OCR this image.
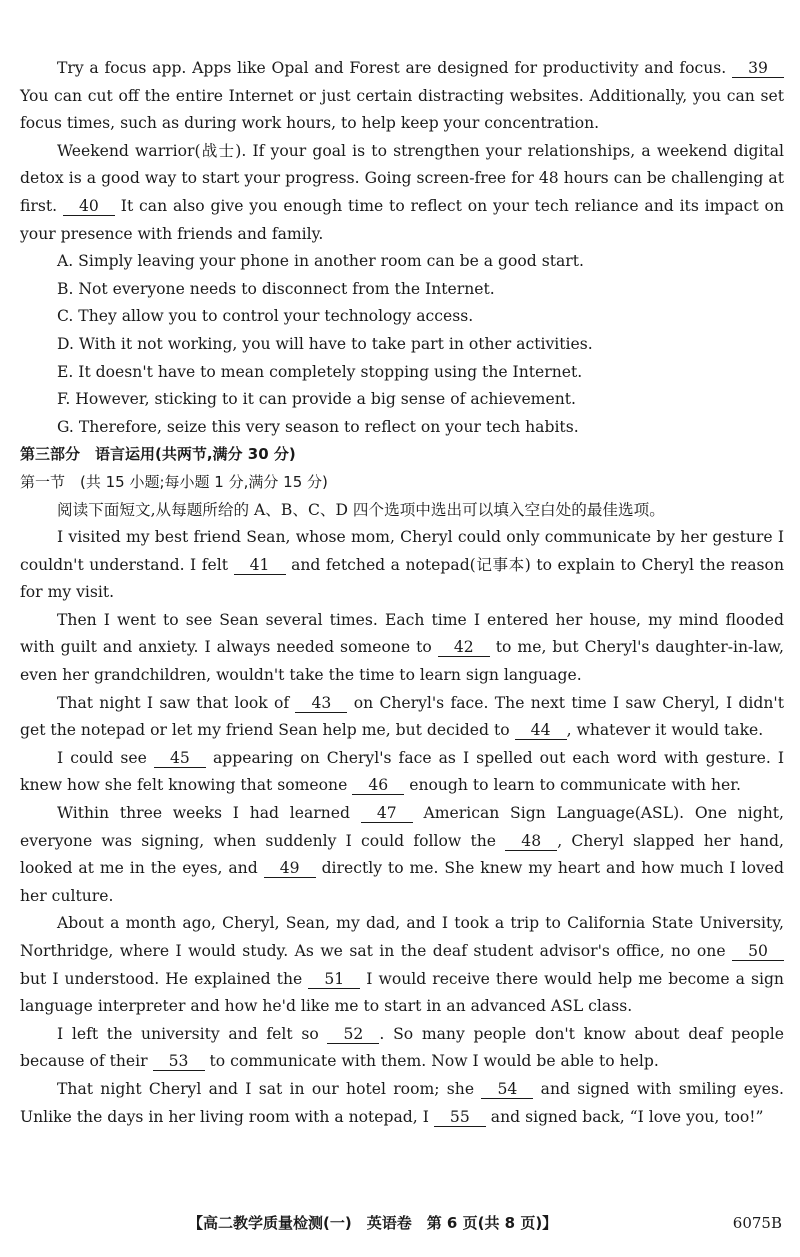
Try a focus app. Apps like Opal and Forest are designed for productivity and focus. 39 You can cut off the entire Internet or just certain distracting websites. Additionally, you can set focus times, such as during work hours, to help keep your concentration.

Weekend warrior(战士). If your goal is to strengthen your relationships, a weekend digital detox is a good way to start your progress. Going screen-free for 48 hours can be challenging at first. 40 It can also give you enough time to reflect on your tech reliance and its impact on your presence with friends and family.

A. Simply leaving your phone in another room can be a good start.

B. Not everyone needs to disconnect from the Internet.

C. They allow you to control your technology access.

D. With it not working, you will have to take part in other activities.

E. It doesn't have to mean completely stopping using the Internet.

F. However, sticking to it can provide a big sense of achievement.

G. Therefore, seize this very season to reflect on your tech habits.

第三部分　语言运用(共两节,满分 30 分)

第一节　(共 15 小题;每小题 1 分,满分 15 分)

阅读下面短文,从每题所给的 A、B、C、D 四个选项中选出可以填入空白处的最佳选项。

I visited my best friend Sean, whose mom, Cheryl could only communicate by her gesture I couldn't understand. I felt 41 and fetched a notepad(记事本) to explain to Cheryl the reason for my visit.

Then I went to see Sean several times. Each time I entered her house, my mind flooded with guilt and anxiety. I always needed someone to 42 to me, but Cheryl's daughter-in-law, even her grandchildren, wouldn't take the time to learn sign language.

That night I saw that look of 43 on Cheryl's face. The next time I saw Cheryl, I didn't get the notepad or let my friend Sean help me, but decided to 44 , whatever it would take.

I could see 45 appearing on Cheryl's face as I spelled out each word with gesture. I knew how she felt knowing that someone 46 enough to learn to communicate with her.

Within three weeks I had learned 47 American Sign Language(ASL). One night, everyone was signing, when suddenly I could follow the 48 , Cheryl slapped her hand, looked at me in the eyes, and 49 directly to me. She knew my heart and how much I loved her culture.

About a month ago, Cheryl, Sean, my dad, and I took a trip to California State University, Northridge, where I would study. As we sat in the deaf student advisor's office, no one 50 but I understood. He explained the 51 I would receive there would help me become a sign language interpreter and how he'd like me to start in an advanced ASL class.

I left the university and felt so 52 . So many people don't know about deaf people because of their 53 to communicate with them. Now I would be able to help.

That night Cheryl and I sat in our hotel room; she 54 and signed with smiling eyes. Unlike the days in her living room with a notepad, I 55 and signed back, “I love you, too!”

【高二教学质量检测(一)　英语卷　第 6 页(共 8 页)】	6075B
